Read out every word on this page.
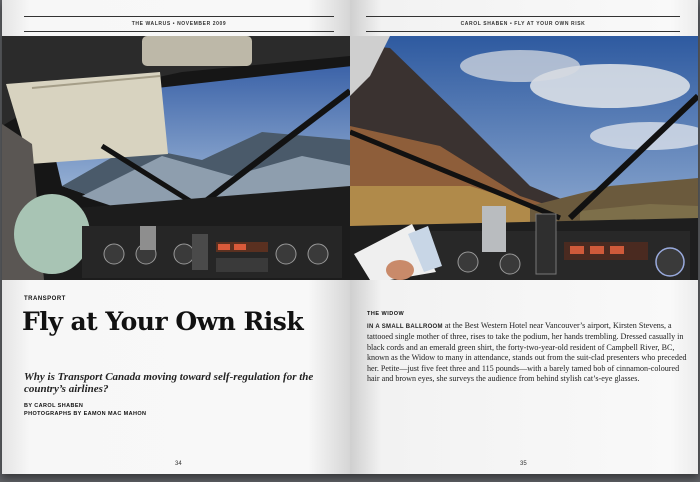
THE WALRUS • NOVEMBER 2009
TRANSPORT
Fly at Your Own Risk

Why is Transport Canada moving toward self-regulation for the country’s airlines?

BY CAROL SHABEN
PHOTOGRAPHS BY EAMON MAC MAHON
34
CAROL SHABEN • FLY AT YOUR OWN RISK
THE WIDOW

IN A SMALL BALLROOM at the Best Western Hotel near Vancouver’s airport, Kirsten Stevens, a tattooed single mother of three, rises to take the podium, her hands trembling. Dressed casually in black cords and an emerald green shirt, the forty-two-year-old resident of Campbell River, BC, known as the Widow to many in attendance, stands out from the suit-clad presenters who preceded her. Petite—just five feet three and 115 pounds—with a barely tamed bob of cinnamon-coloured hair and brown eyes, she surveys the audience from behind stylish cat’s-eye glasses.

35
